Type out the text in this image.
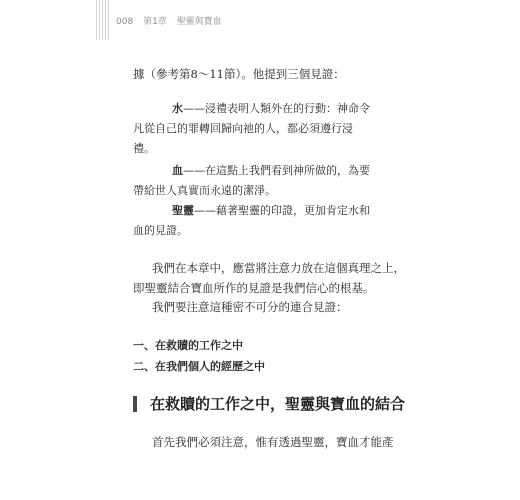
008 第1章 聖靈與寶血
據（參考第8～11節）。他提到三個見證：
水——浸禮表明人類外在的行動：神命令
凡從自己的罪轉回歸向祂的人，都必須遵行浸
禮。
血——在這點上我們看到神所做的，為要
帶給世人真實而永遠的潔淨。
聖靈——藉著聖靈的印證，更加肯定水和
血的見證。
我們在本章中，應當將注意力放在這個真理之上，
即聖靈結合寶血所作的見證是我們信心的根基。
我們要注意這種密不可分的連合見證：
一、在救贖的工作之中
二、在我們個人的經歷之中
在救贖的工作之中，聖靈與寶血的結合
首先我們必須注意，惟有透過聖靈，寶血才能產
